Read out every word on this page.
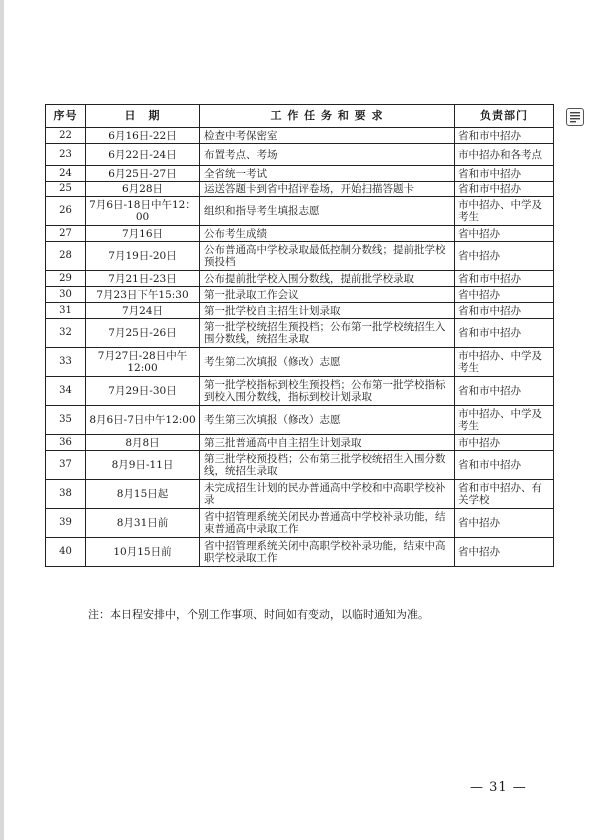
序号	日　期	工 作 任 务 和 要 求	负责部门
22	6月16日-22日	检查中考保密室	省和市中招办
23	6月22日-24日	布置考点、考场	市中招办和各考点
24	6月25日-27日	全省统一考试	省和市中招办
25	6月28日	运送答题卡到省中招评卷场，开始扫描答题卡	省和市中招办
26	7月6日-18日中午12：00	组织和指导考生填报志愿	市中招办、中学及考生
27	7月16日	公布考生成绩	省中招办
28	7月19日-20日	公布普通高中学校录取最低控制分数线；提前批学校预投档	省中招办
29	7月21日-23日	公布提前批学校入围分数线，提前批学校录取	省和市中招办
30	7月23日下午15:30	第一批录取工作会议	省中招办
31	7月24日	第一批学校自主招生计划录取	省和市中招办
32	7月25日-26日	第一批学校统招生预投档；公布第一批学校统招生入围分数线，统招生录取	省和市中招办
33	7月27日-28日中午12:00	考生第二次填报（修改）志愿	市中招办、中学及考生
34	7月29日-30日	第一批学校指标到校生预投档；公布第一批学校指标到校入围分数线，指标到校计划录取	省和市中招办
35	8月6日-7日中午12:00	考生第三次填报（修改）志愿	市中招办、中学及考生
36	8月8日	第三批普通高中自主招生计划录取	市中招办
37	8月9日-11日	第三批学校预投档；公布第三批学校统招生入围分数线，统招生录取	省和市中招办
38	8月15日起	未完成招生计划的民办普通高中学校和中高职学校补录	省和市中招办、有关学校
39	8月31日前	省中招管理系统关闭民办普通高中学校补录功能，结束普通高中录取工作	省中招办
40	10月15日前	省中招管理系统关闭中高职学校补录功能，结束中高职学校录取工作	省中招办
注：本日程安排中，个别工作事项、时间如有变动，以临时通知为准。
— 31 —
